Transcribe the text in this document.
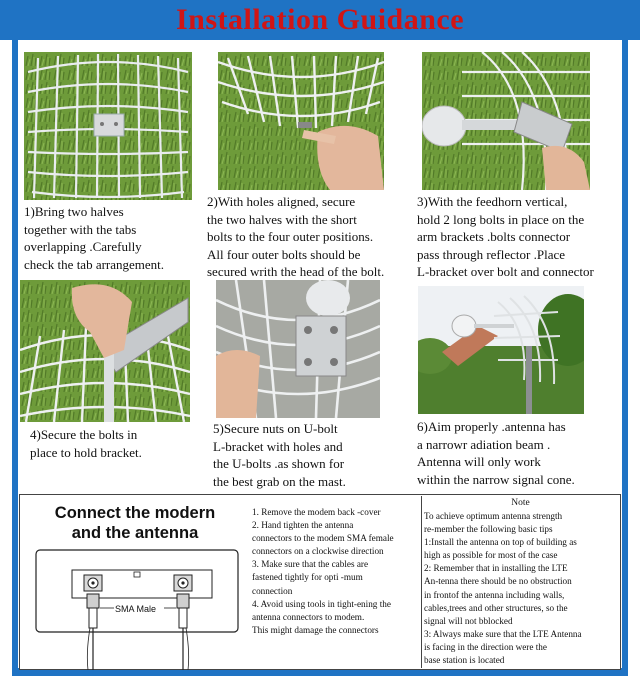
Installation Guidance
1)Bring two halves
together with the tabs
overlapping .Carefully
check the tab arrangement.
2)With holes aligned, secure
the two halves with the short
bolts to the four outer positions.
All four outer bolts should be
secured writh the head of the bolt.
3)With the feedhorn vertical,
hold 2 long bolts in place on the
arm brackets .bolts connector
pass through reflector .Place
L-bracket over bolt and connector
4)Secure the bolts in
place to hold bracket.
5)Secure nuts on U-bolt
L-bracket with holes and
the U-bolts .as shown for
the best grab on the mast.
6)Aim properly .antenna has
a narrowr adiation beam .
Antenna will only work
within the narrow signal cone.
Connect the modern
and the antenna
SMA Male
1. Remove the modem back -cover
2. Hand tighten the antenna
connectors to the modem SMA female
connectors on a clockwise direction
3. Make sure that the cables are
fastened tightly for opti -mum
connection
4. Avoid using tools in tight-ening the
antenna connectors to modem.
This might damage the connectors
Note
To achieve optimum antenna strength
re-member the following basic tips
1:Install the antenna on top of building as
high as possible for most of the case
2: Remember that in installing the LTE
An-tenna there should be no obstruction
in frontof the antenna including walls,
cables,trees and other structures, so the
signal will not bblocked
3: Always make sure that the LTE Antenna
is facing in the direction were the
base station is located
